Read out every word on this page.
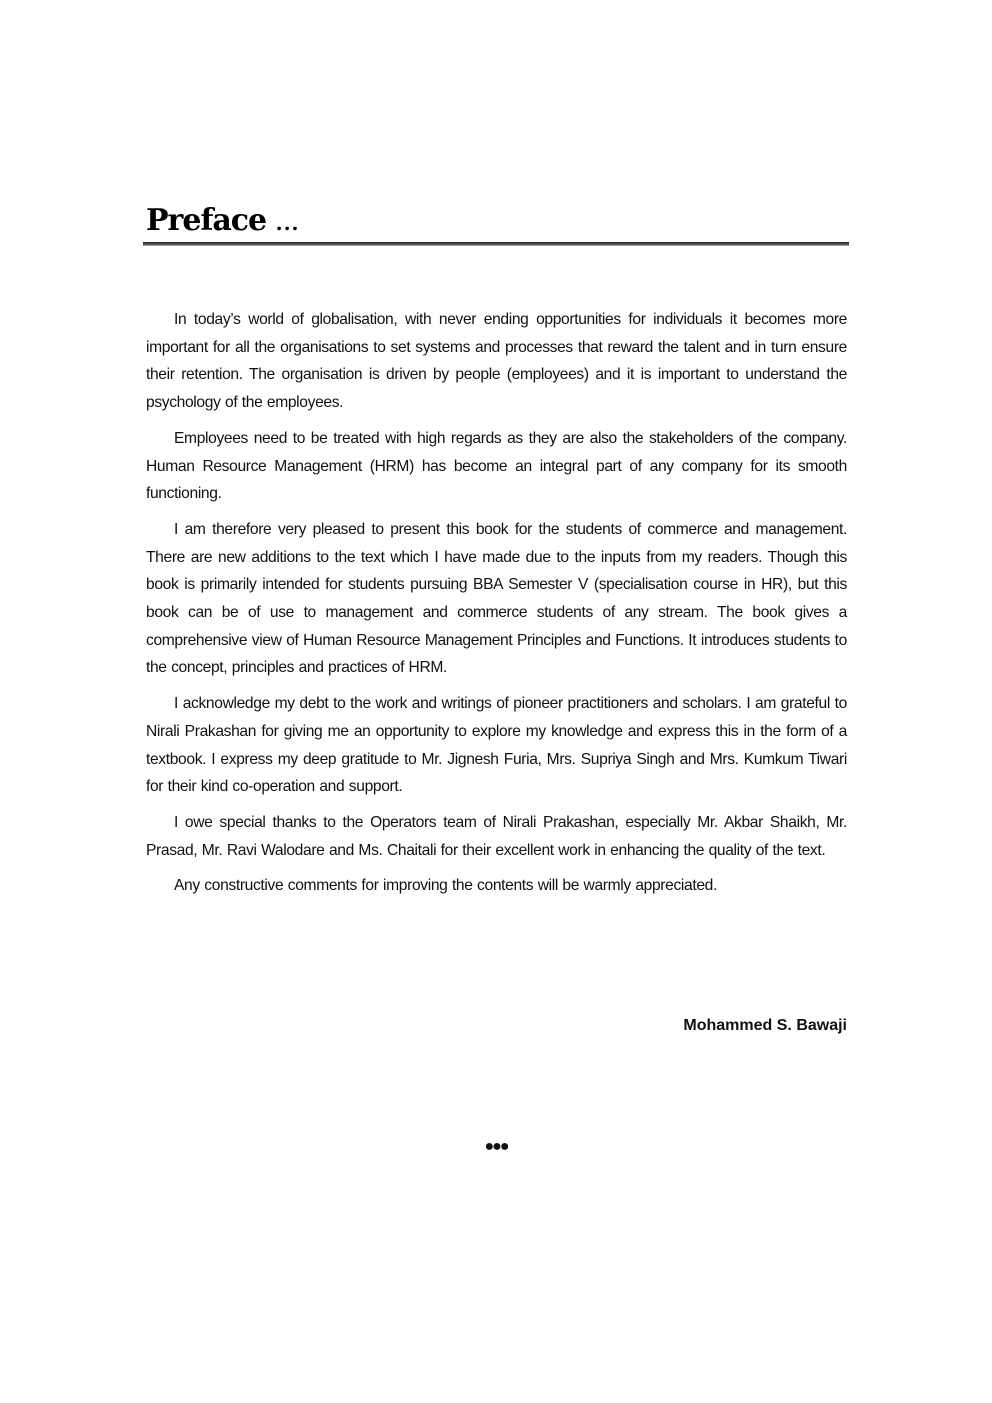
Preface ...

In today’s world of globalisation, with never ending opportunities for individuals it becomes more important for all the organisations to set systems and processes that reward the talent and in turn ensure their retention. The organisation is driven by people (employees) and it is important to understand the psychology of the employees.

Employees need to be treated with high regards as they are also the stakeholders of the company. Human Resource Management (HRM) has become an integral part of any company for its smooth functioning.

I am therefore very pleased to present this book for the students of commerce and management. There are new additions to the text which I have made due to the inputs from my readers. Though this book is primarily intended for students pursuing BBA Semester V (specialisation course in HR), but this book can be of use to management and commerce students of any stream. The book gives a comprehensive view of Human Resource Management Principles and Functions. It introduces students to the concept, principles and practices of HRM.

I acknowledge my debt to the work and writings of pioneer practitioners and scholars. I am grateful to Nirali Prakashan for giving me an opportunity to explore my knowledge and express this in the form of a textbook. I express my deep gratitude to Mr. Jignesh Furia, Mrs. Supriya Singh and Mrs. Kumkum Tiwari for their kind co-operation and support.

I owe special thanks to the Operators team of Nirali Prakashan, especially Mr. Akbar Shaikh, Mr. Prasad, Mr. Ravi Walodare and Ms. Chaitali for their excellent work in enhancing the quality of the text.

Any constructive comments for improving the contents will be warmly appreciated.

Mohammed S. Bawaji
●●●
